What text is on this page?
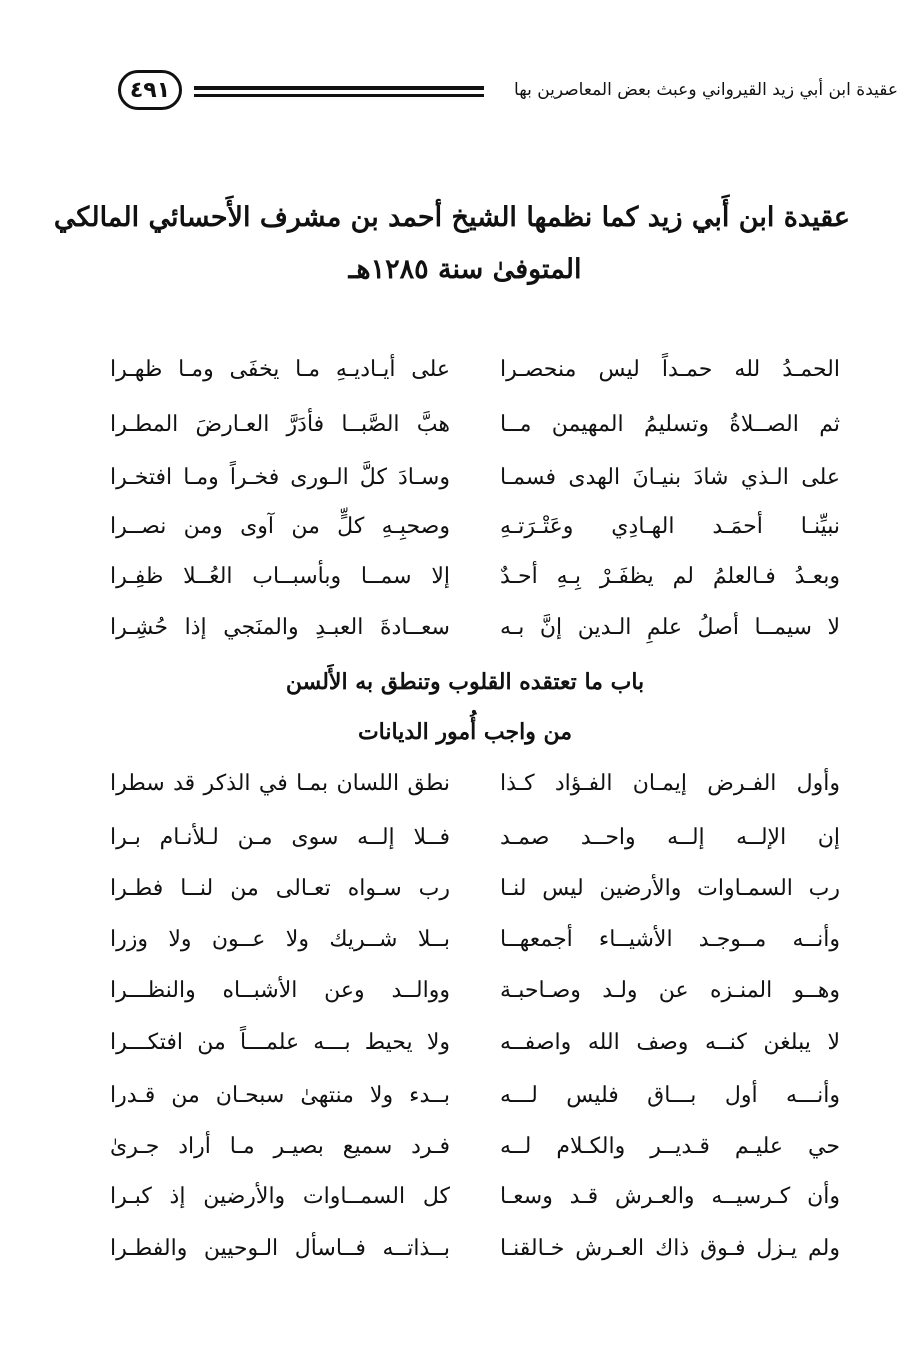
عقيدة ابن أبي زيد القيرواني وعبث بعض المعاصرين بها
٤٩١
عقيدة ابن أَبي زيد كما نظمها الشيخ أحمد بن مشرف الأَحسائي المالكي
المتوفىٰ سنة ١٢٨٥هـ
الحمـدُ لله حمـداً ليس منحصـرا
على أيـاديـهِ مـا يخفَى ومـا ظهـرا
ثم الصــلاةُ وتسليمُ المهيمن مــا
هبَّ الصَّبــا فأدَرَّ العـارضَ المطـرا
على الـذي شادَ بنيـانَ الهدى فسمـا
وسـادَ كلَّ الـورى فخـراً ومـا افتخـرا
نبيِّنـا أحمَـد الهـادِي وعَتْـرَتـهِ
وصحبِـهِ كلٍّ من آوى ومن نصــرا
وبعـدُ فـالعلمُ لم يظفَـرْ بِـهِ أحـدٌ
إلا سمــا وبأسبــاب العُــلا ظفِـرا
لا سيمــا أصلُ علمِ الـدين إنَّ بـه
سعــادةَ العبـدِ والمنَجي إذا حُشِـرا
باب ما تعتقده القلوب وتنطق به الأَلسن
من واجب أُمور الديانات
وأول الفـرض إيمـان الفـؤاد كـذا
نطق اللسان بمـا في الذكر قد سطرا
إن الإلــه إلــه واحــد صمـد
فــلا إلــه سوى مـن لـلأنـام بـرا
رب السمـاوات والأرضين ليس لنـا
رب سـواه تعـالى من لنــا فطـرا
وأنــه مــوجـد الأشيــاء أجمعهــا
بــلا شــريك ولا عــون ولا وزرا
وهــو المنـزه عن ولـد وصـاحبـة
ووالــد وعن الأشبــاه والنظـــرا
لا يبلغن كنــه وصف الله واصفــه
ولا يحيط بـــه علمـــاً من افتكـــرا
وأنـــه أول بـــاق فليس لـــه
بــدء ولا منتهىٰ سبحـان من قـدرا
حي عليـم قـديــر والكـلام لــه
فـرد سميع بصيـر مـا أراد جـرىٰ
وأن كـرسيــه والعـرش قـد وسعـا
كل السمــاوات والأرضين إذ كبـرا
ولم يـزل فـوق ذاك العـرش خـالقنـا
بــذاتــه فــاسأل الـوحيين والفطـرا
